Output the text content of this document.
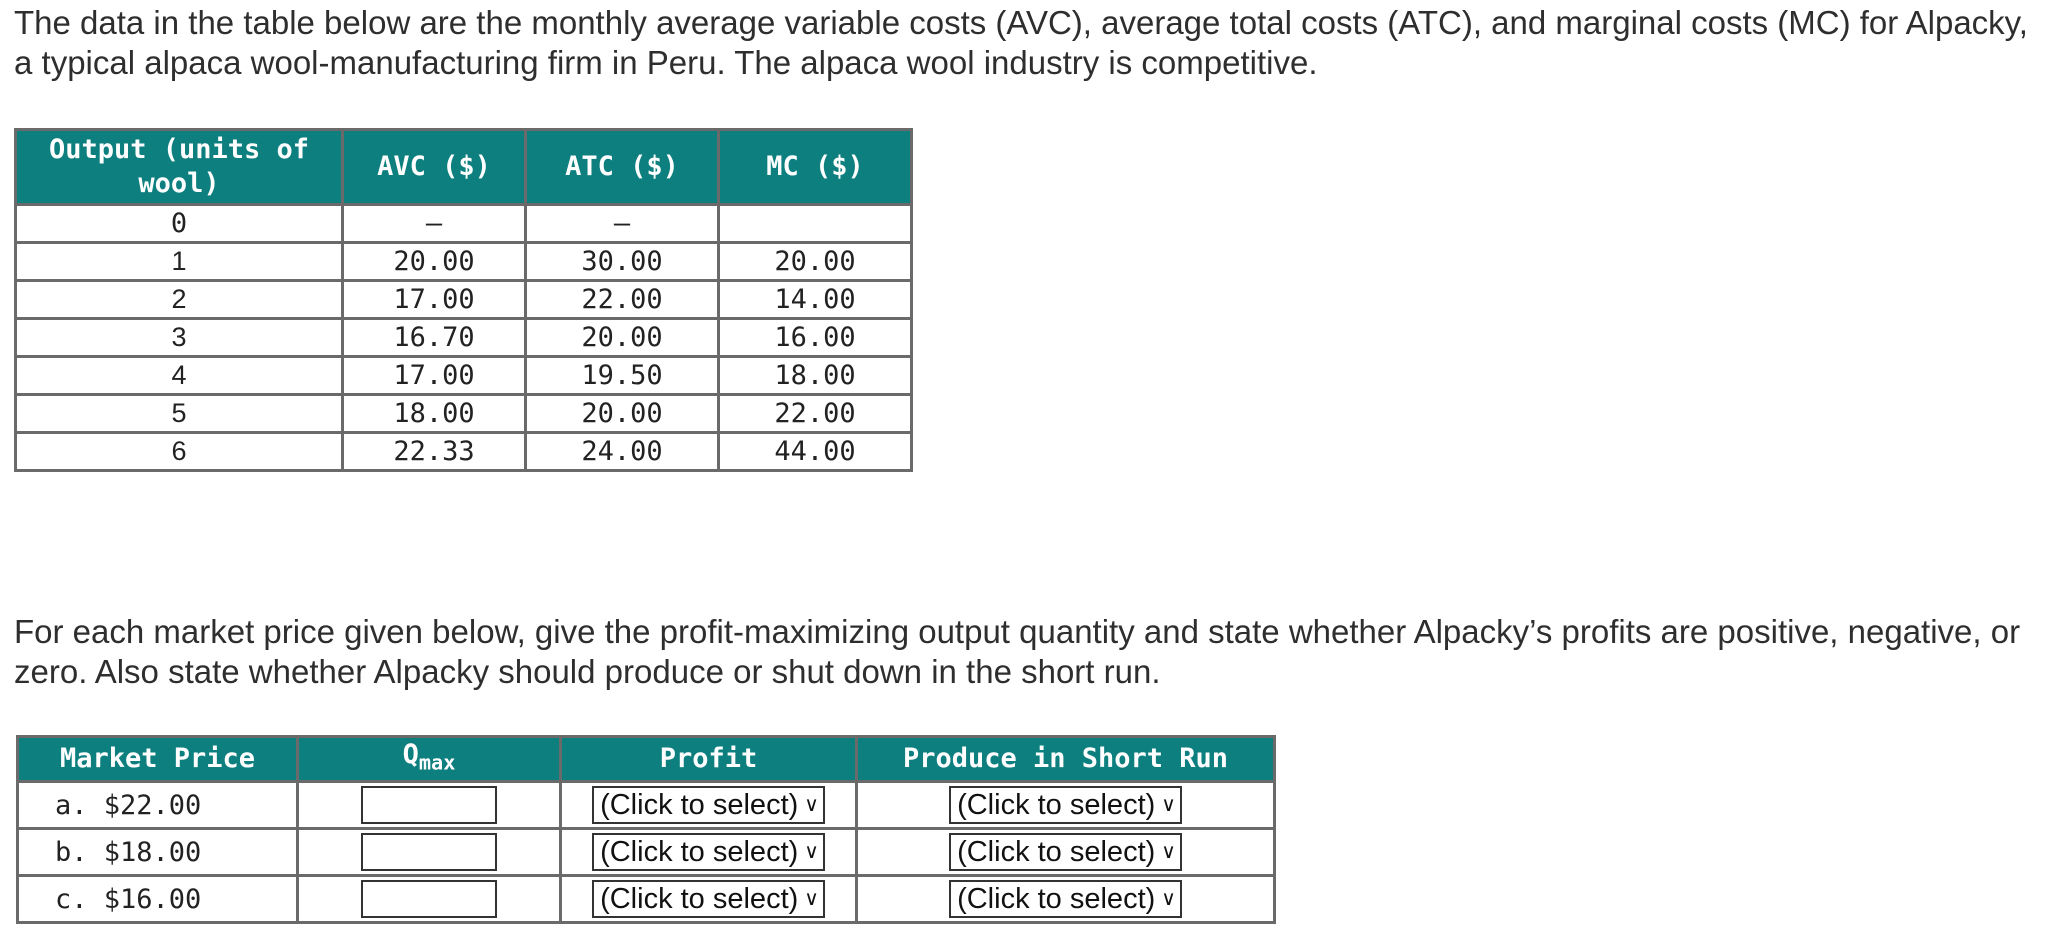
The data in the table below are the monthly average variable costs (AVC), average total costs (ATC), and marginal costs (MC) for Alpacky, a typical alpaca wool-manufacturing firm in Peru. The alpaca wool industry is competitive.

Output (units of wool)	AVC ($)	ATC ($)	MC ($)
0	—	—	
1	20.00	30.00	20.00
2	17.00	22.00	14.00
3	16.70	20.00	16.00
4	17.00	19.50	18.00
5	18.00	20.00	22.00
6	22.33	24.00	44.00

For each market price given below, give the profit-maximizing output quantity and state whether Alpacky’s profits are positive, negative, or zero. Also state whether Alpacky should produce or shut down in the short run.

Market Price	$Q_{max}$	Profit	Produce in Short Run
a. $22.00		(Click to select) ∨	(Click to select) ∨
b. $18.00		(Click to select) ∨	(Click to select) ∨
c. $16.00		(Click to select) ∨	(Click to select) ∨
